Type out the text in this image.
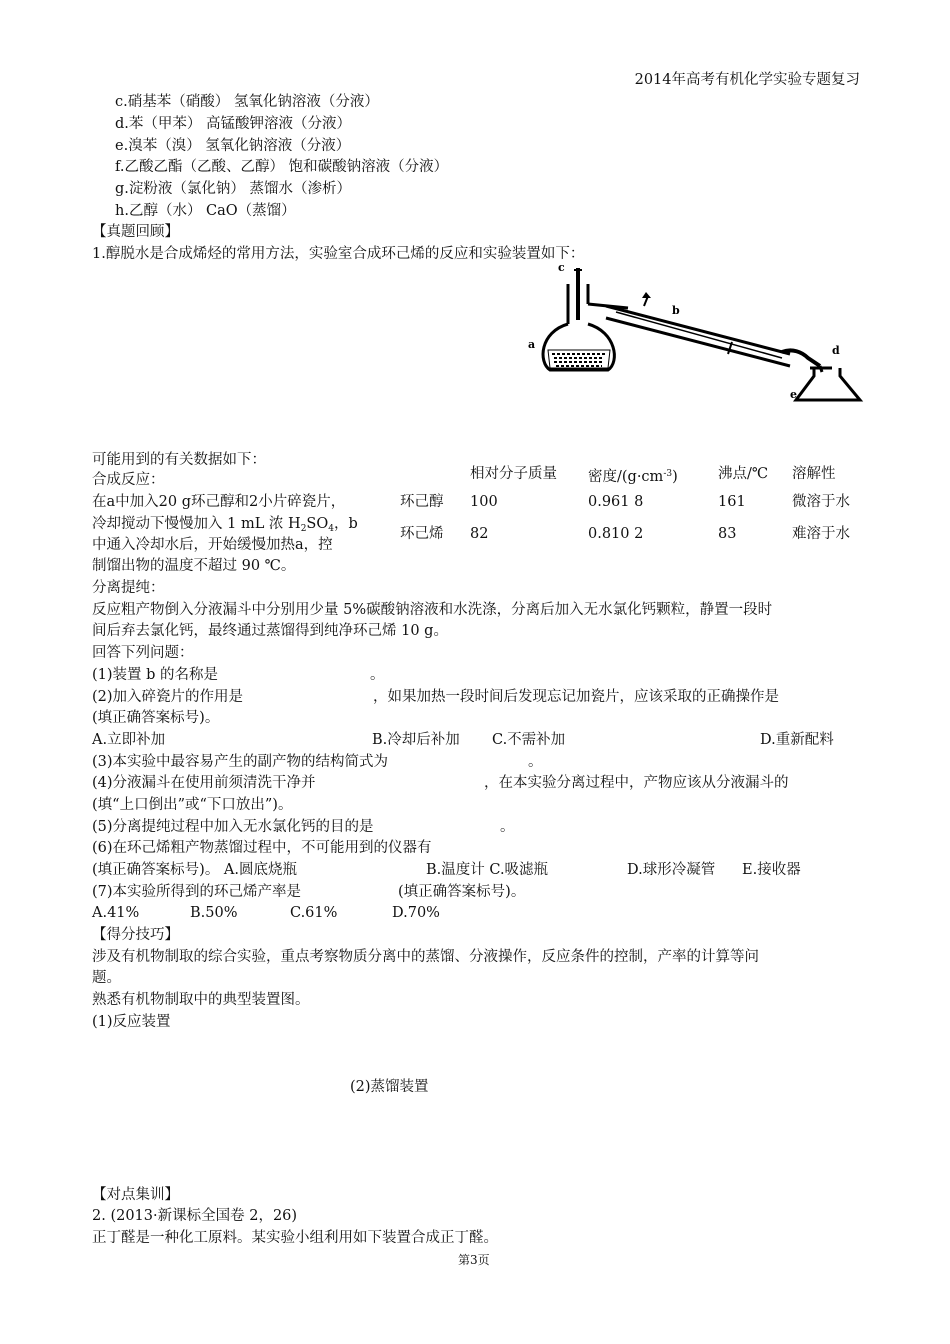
2014年高考有机化学实验专题复习
c.硝基苯（硝酸） 氢氧化钠溶液（分液）
d.苯（甲苯） 高锰酸钾溶液（分液）
e.溴苯（溴） 氢氧化钠溶液（分液）
f.乙酸乙酯（乙酸、乙醇） 饱和碳酸钠溶液（分液）
g.淀粉液（氯化钠） 蒸馏水（渗析）
h.乙醇（水） CaO（蒸馏）
【真题回顾】
1.醇脱水是合成烯烃的常用方法，实验室合成环己烯的反应和实验装置如下：
c
a
b
d
e
可能用到的有关数据如下：
合成反应：
在a中加入20 g环己醇和2小片碎瓷片，
冷却搅动下慢慢加入 1 mL 浓 $H_2SO_4$，b
中通入冷却水后，开始缓慢加热a，控
制馏出物的温度不超过 90 ℃。
相对分子质量 密度$/(g\cdot cm^{-3})$	沸点/℃ 溶解性
环己醇 100	0.961 8	161	微溶于水
环己烯 82	0.810 2	83	难溶于水
分离提纯：
反应粗产物倒入分液漏斗中分别用少量 5%碳酸钠溶液和水洗涤，分离后加入无水氯化钙颗粒，静置一段时
间后弃去氯化钙，最终通过蒸馏得到纯净环己烯 10 g。
回答下列问题：
(1)装置 b 的名称是	。
(2)加入碎瓷片的作用是	，如果加热一段时间后发现忘记加瓷片，应该采取的正确操作是
(填正确答案标号)。
A.立即补加	B.冷却后补加 C.不需补加	D.重新配料
(3)本实验中最容易产生的副产物的结构简式为	。
(4)分液漏斗在使用前须清洗干净并	，在本实验分离过程中，产物应该从分液漏斗的
(填“上口倒出”或“下口放出”)。
(5)分离提纯过程中加入无水氯化钙的目的是	。
(6)在环己烯粗产物蒸馏过程中，不可能用到的仪器有
(填正确答案标号)。 A.圆底烧瓶	B.温度计 C.吸滤瓶	D.球形冷凝管 E.接收器
(7)本实验所得到的环己烯产率是	(填正确答案标号)。
A.41%	B.50%	C.61%	D.70%
【得分技巧】
涉及有机物制取的综合实验，重点考察物质分离中的蒸馏、分液操作，反应条件的控制，产率的计算等问
题。
熟悉有机物制取中的典型装置图。
(1)反应装置
(2)蒸馏装置
【对点集训】
2. (2013·新课标全国卷 2，26)
正丁醛是一种化工原料。某实验小组利用如下装置合成正丁醛。
第3页
